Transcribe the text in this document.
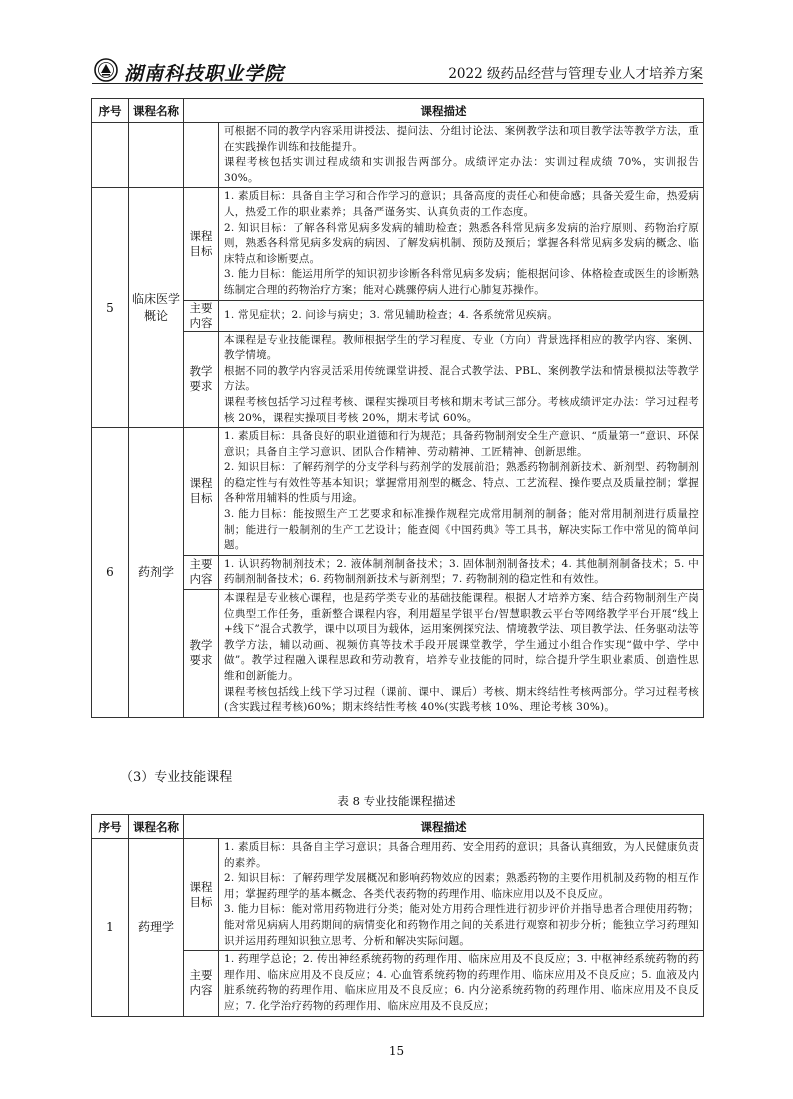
湖南科技职业学院	2022 级药品经营与管理专业人才培养方案
序号	课程名称	课程描述	

			可根据不同的教学内容采用讲授法、提问法、分组讨论法、案例教学法和项目教学法等教学方法，重在实践操作训练和技能提升。
课程考核包括实训过程成绩和实训报告两部分。成绩评定办法：实训过程成绩 70%，实训报告 30%。

5	临床医学概论	课程目标	1. 素质目标：具备自主学习和合作学习的意识；具备高度的责任心和使命感；具备关爱生命，热爱病人，热爱工作的职业素养；具备严谨务实、认真负责的工作态度。
2. 知识目标：了解各科常见病多发病的辅助检查；熟悉各科常见病多发病的治疗原则、药物治疗原则，熟悉各科常见病多发病的病因、了解发病机制、预防及预后；掌握各科常见病多发病的概念、临床特点和诊断要点。
3. 能力目标：能运用所学的知识初步诊断各科常见病多发病；能根据问诊、体格检查或医生的诊断熟练制定合理的药物治疗方案；能对心跳骤停病人进行心肺复苏操作。

		主要内容	1. 常见症状；2. 问诊与病史；3. 常见辅助检查；4. 各系统常见疾病。

		教学要求	本课程是专业技能课程。教师根据学生的学习程度、专业（方向）背景选择相应的教学内容、案例、教学情境。
根据不同的教学内容灵活采用传统课堂讲授、混合式教学法、PBL、案例教学法和情景模拟法等教学方法。
课程考核包括学习过程考核、课程实操项目考核和期末考试三部分。考核成绩评定办法：学习过程考核 20%，课程实操项目考核 20%，期末考试 60%。

6	药剂学	课程目标	1. 素质目标：具备良好的职业道德和行为规范；具备药物制剂安全生产意识、“质量第一”意识、环保意识；具备自主学习意识、团队合作精神、劳动精神、工匠精神、创新思维。
2. 知识目标：了解药剂学的分支学科与药剂学的发展前沿；熟悉药物制剂新技术、新剂型、药物制剂的稳定性与有效性等基本知识；掌握常用剂型的概念、特点、工艺流程、操作要点及质量控制；掌握各种常用辅料的性质与用途。
3. 能力目标：能按照生产工艺要求和标准操作规程完成常用制剂的制备；能对常用制剂进行质量控制；能进行一般制剂的生产工艺设计；能查阅《中国药典》等工具书，解决实际工作中常见的简单问题。

		主要内容	1. 认识药物制剂技术；2. 液体制剂制备技术；3. 固体制剂制备技术；4. 其他制剂制备技术；5. 中药制剂制备技术；6. 药物制剂新技术与新剂型；7. 药物制剂的稳定性和有效性。

		教学要求	本课程是专业核心课程，也是药学类专业的基础技能课程。根据人才培养方案、结合药物制剂生产岗位典型工作任务，重新整合课程内容，利用超星学银平台/智慧职教云平台等网络教学平台开展“线上+线下”混合式教学，课中以项目为载体，运用案例探究法、情境教学法、项目教学法、任务驱动法等教学方法，辅以动画、视频仿真等技术手段开展课堂教学，学生通过小组合作实现“做中学、学中做”。教学过程融入课程思政和劳动教育，培养专业技能的同时，综合提升学生职业素质、创造性思维和创新能力。
课程考核包括线上线下学习过程（课前、课中、课后）考核、期末终结性考核两部分。学习过程考核(含实践过程考核)60%；期末终结性考核 40%(实践考核 10%、理论考核 30%)。
（3）专业技能课程
表 8 专业技能课程描述
序号	课程名称	课程描述	
1	药理学	课程目标	1. 素质目标：具备自主学习意识；具备合理用药、安全用药的意识；具备认真细致，为人民健康负责的素养。
2. 知识目标：了解药理学发展概况和影响药物效应的因素；熟悉药物的主要作用机制及药物的相互作用；掌握药理学的基本概念、各类代表药物的药理作用、临床应用以及不良反应。
3. 能力目标：能对常用药物进行分类；能对处方用药合理性进行初步评价并指导患者合理使用药物；能对常见病病人用药期间的病情变化和药物作用之间的关系进行观察和初步分析；能独立学习药理知识并运用药理知识独立思考、分析和解决实际问题。

		主要内容	1. 药理学总论；2. 传出神经系统药物的药理作用、临床应用及不良反应；3. 中枢神经系统药物的药理作用、临床应用及不良反应；4. 心血管系统药物的药理作用、临床应用及不良反应；5. 血液及内脏系统药物的药理作用、临床应用及不良反应；6. 内分泌系统药物的药理作用、临床应用及不良反应；7. 化学治疗药物的药理作用、临床应用及不良反应；
15
